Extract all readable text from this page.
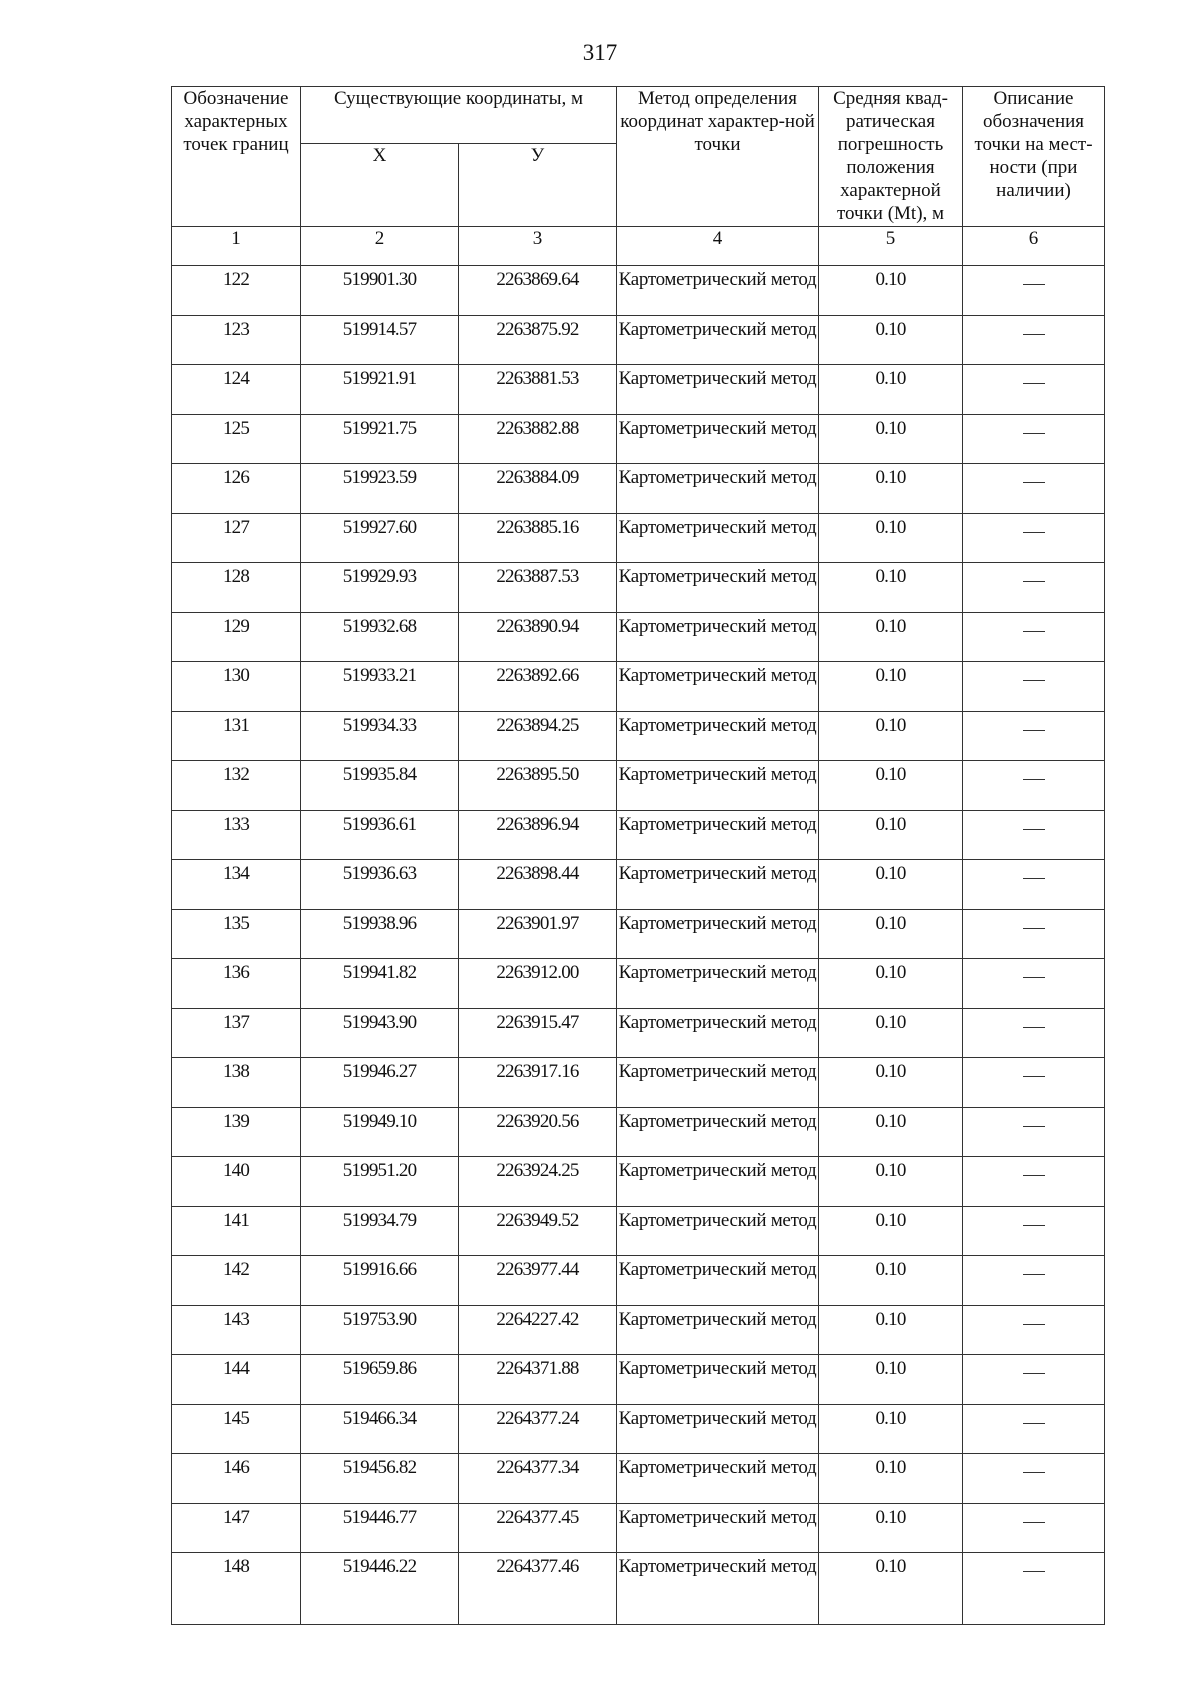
317
Обозначение характерных точек границ	Существующие координаты, м		Метод определения координат характер-ной точки	Средняя квад-ратическая погрешность положения характерной точки (Mt), м	Описание обозначения точки на мест-ности (при наличии)
	X	У			
1	2	3	4	5	6
122	519901.30	2263869.64	Картометрический метод	0.10	
123	519914.57	2263875.92	Картометрический метод	0.10	
124	519921.91	2263881.53	Картометрический метод	0.10	
125	519921.75	2263882.88	Картометрический метод	0.10	
126	519923.59	2263884.09	Картометрический метод	0.10	
127	519927.60	2263885.16	Картометрический метод	0.10	
128	519929.93	2263887.53	Картометрический метод	0.10	
129	519932.68	2263890.94	Картометрический метод	0.10	
130	519933.21	2263892.66	Картометрический метод	0.10	
131	519934.33	2263894.25	Картометрический метод	0.10	
132	519935.84	2263895.50	Картометрический метод	0.10	
133	519936.61	2263896.94	Картометрический метод	0.10	
134	519936.63	2263898.44	Картометрический метод	0.10	
135	519938.96	2263901.97	Картометрический метод	0.10	
136	519941.82	2263912.00	Картометрический метод	0.10	
137	519943.90	2263915.47	Картометрический метод	0.10	
138	519946.27	2263917.16	Картометрический метод	0.10	
139	519949.10	2263920.56	Картометрический метод	0.10	
140	519951.20	2263924.25	Картометрический метод	0.10	
141	519934.79	2263949.52	Картометрический метод	0.10	
142	519916.66	2263977.44	Картометрический метод	0.10	
143	519753.90	2264227.42	Картометрический метод	0.10	
144	519659.86	2264371.88	Картометрический метод	0.10	
145	519466.34	2264377.24	Картометрический метод	0.10	
146	519456.82	2264377.34	Картометрический метод	0.10	
147	519446.77	2264377.45	Картометрический метод	0.10	
148	519446.22	2264377.46	Картометрический метод	0.10	
